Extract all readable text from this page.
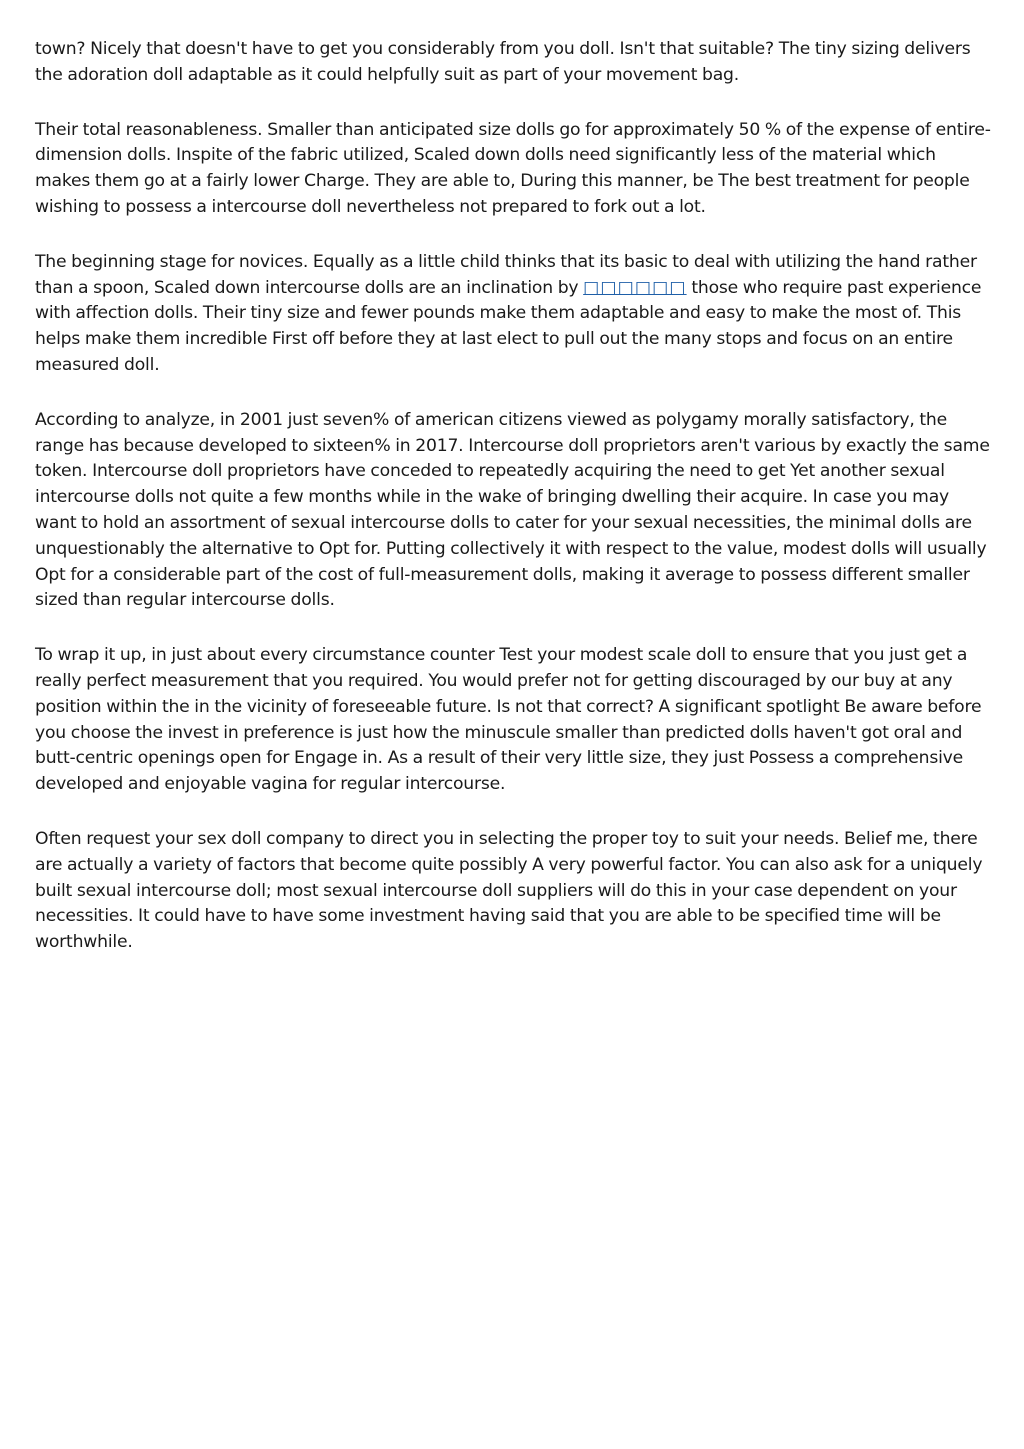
town? Nicely that doesn't have to get you considerably from you doll. Isn't that suitable? The tiny sizing delivers the adoration doll adaptable as it could helpfully suit as part of your movement bag.

Their total reasonableness. Smaller than anticipated size dolls go for approximately 50 % of the expense of entire-dimension dolls. Inspite of the fabric utilized, Scaled down dolls need significantly less of the material which makes them go at a fairly lower Charge. They are able to, During this manner, be The best treatment for people wishing to possess a intercourse doll nevertheless not prepared to fork out a lot.

The beginning stage for novices. Equally as a little child thinks that its basic to deal with utilizing the hand rather than a spoon, Scaled down intercourse dolls are an inclination by □□□□□□ those who require past experience with affection dolls. Their tiny size and fewer pounds make them adaptable and easy to make the most of. This helps make them incredible First off before they at last elect to pull out the many stops and focus on an entire measured doll.

According to analyze, in 2001 just seven% of american citizens viewed as polygamy morally satisfactory, the range has because developed to sixteen% in 2017. Intercourse doll proprietors aren't various by exactly the same token. Intercourse doll proprietors have conceded to repeatedly acquiring the need to get Yet another sexual intercourse dolls not quite a few months while in the wake of bringing dwelling their acquire. In case you may want to hold an assortment of sexual intercourse dolls to cater for your sexual necessities, the minimal dolls are unquestionably the alternative to Opt for. Putting collectively it with respect to the value, modest dolls will usually Opt for a considerable part of the cost of full-measurement dolls, making it average to possess different smaller sized than regular intercourse dolls.

To wrap it up, in just about every circumstance counter Test your modest scale doll to ensure that you just get a really perfect measurement that you required. You would prefer not for getting discouraged by our buy at any position within the in the vicinity of foreseeable future. Is not that correct? A significant spotlight Be aware before you choose the invest in preference is just how the minuscule smaller than predicted dolls haven't got oral and butt-centric openings open for Engage in. As a result of their very little size, they just Possess a comprehensive developed and enjoyable vagina for regular intercourse.

Often request your sex doll company to direct you in selecting the proper toy to suit your needs. Belief me, there are actually a variety of factors that become quite possibly A very powerful factor. You can also ask for a uniquely built sexual intercourse doll; most sexual intercourse doll suppliers will do this in your case dependent on your necessities. It could have to have some investment having said that you are able to be specified time will be worthwhile.
